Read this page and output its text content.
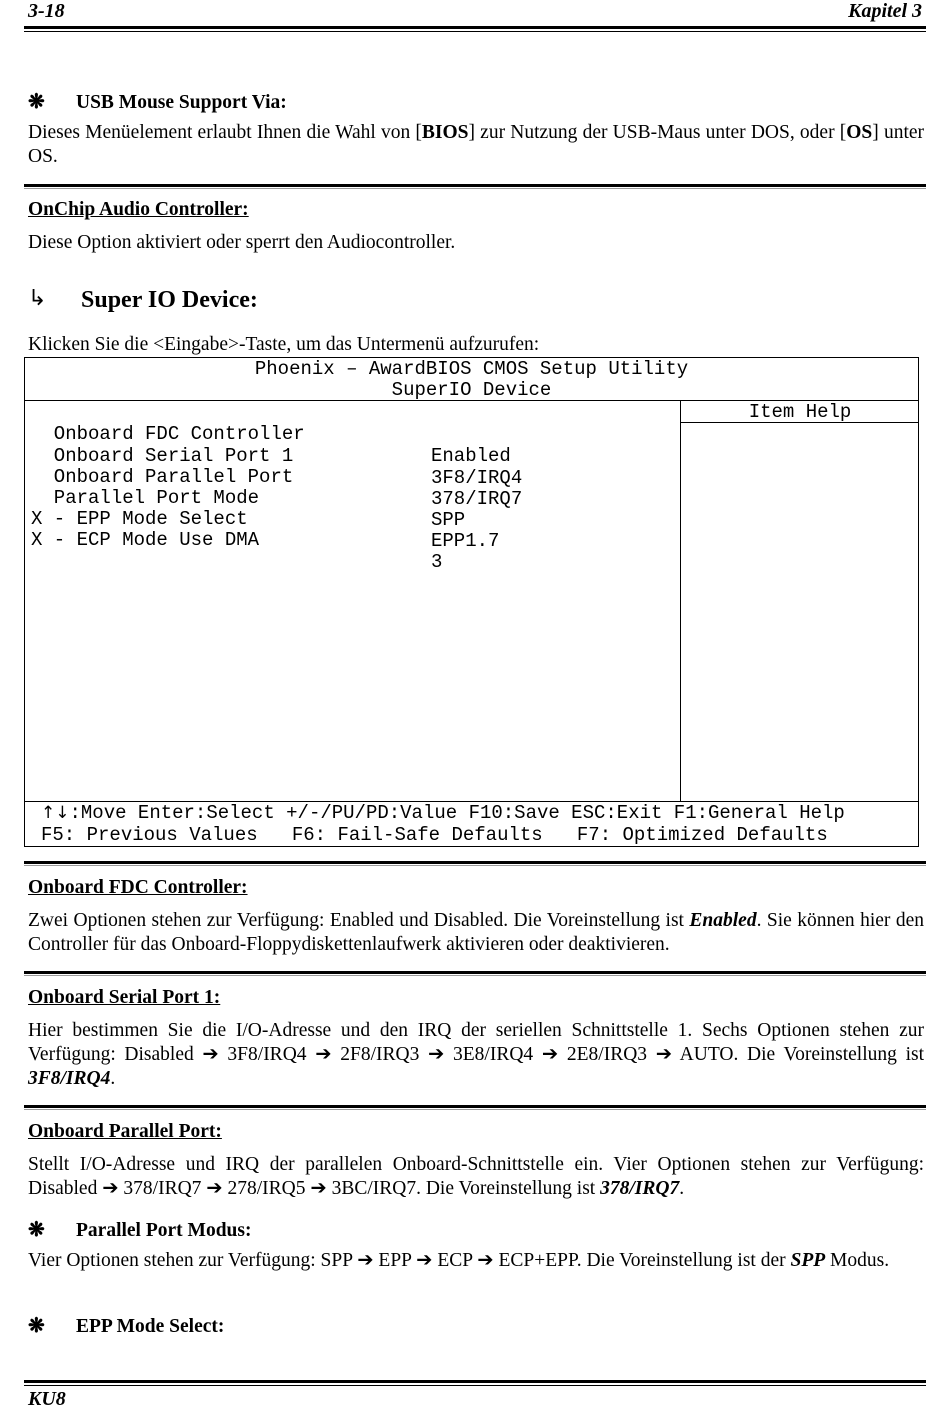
3-18	Kapitel 3
❋ USB Mouse Support Via:
Dieses Menüelement erlaubt Ihnen die Wahl von [BIOS] zur Nutzung der USB-Maus unter DOS, oder [OS] unter OS.
OnChip Audio Controller:
Diese Option aktiviert oder sperrt den Audiocontroller.
↳ Super IO Device:
Klicken Sie die <Eingabe>-Taste, um das Untermenü aufzurufen:
Phoenix – AwardBIOS CMOS Setup Utility
SuperIO Device
Item Help

Onboard FDC Controller

Enabled

Onboard Serial Port 1

3F8/IRQ4

Onboard Parallel Port

378/IRQ7

Parallel Port Mode

SPP

X - EPP Mode Select

EPP1.7

X - ECP Mode Use DMA

3

↑↓:Move Enter:Select +/-/PU/PD:Value F10:Save ESC:Exit F1:General Help
F5: Previous Values   F6: Fail-Safe Defaults   F7: Optimized Defaults
Onboard FDC Controller:
Zwei Optionen stehen zur Verfügung: Enabled und Disabled. Die Voreinstellung ist Enabled. Sie können hier den Controller für das Onboard-Floppydiskettenlaufwerk aktivieren oder deaktivieren.
Onboard Serial Port 1:
Hier bestimmen Sie die I/O-Adresse und den IRQ der seriellen Schnittstelle 1. Sechs Optionen stehen zur Verfügung: Disabled ➔ 3F8/IRQ4 ➔ 2F8/IRQ3 ➔ 3E8/IRQ4 ➔ 2E8/IRQ3 ➔ AUTO. Die Voreinstellung ist 3F8/IRQ4.
Onboard Parallel Port:
Stellt I/O-Adresse und IRQ der parallelen Onboard-Schnittstelle ein. Vier Optionen stehen zur Verfügung: Disabled ➔ 378/IRQ7 ➔ 278/IRQ5 ➔ 3BC/IRQ7. Die Voreinstellung ist 378/IRQ7.
❋ Parallel Port Modus:
Vier Optionen stehen zur Verfügung: SPP ➔ EPP ➔ ECP ➔ ECP+EPP. Die Voreinstellung ist der SPP Modus.
❋ EPP Mode Select:
KU8
